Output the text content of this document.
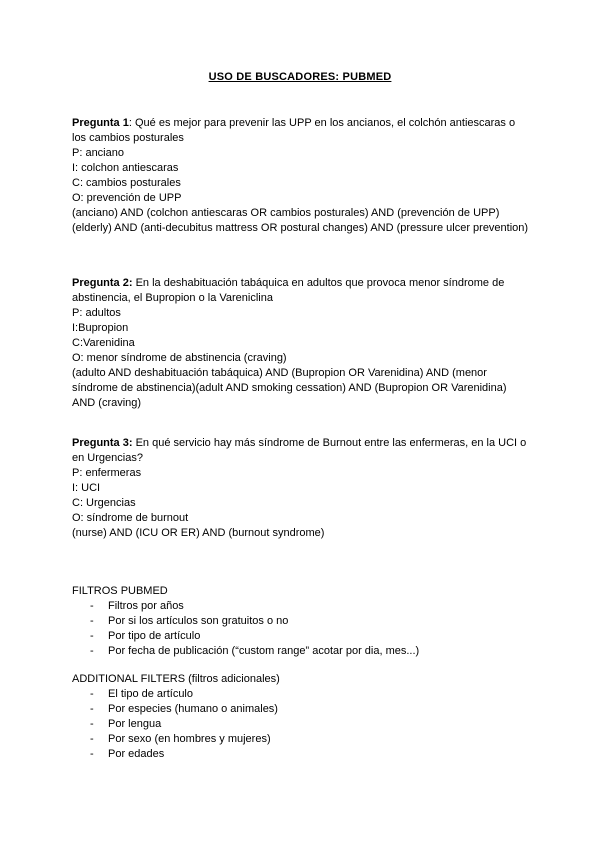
USO DE BUSCADORES: PUBMED
Pregunta 1: Qué es mejor para prevenir las UPP en los ancianos, el colchón antiescaras o los cambios posturales
P: anciano
I: colchon antiescaras
C: cambios posturales
O: prevención de UPP
(anciano) AND (colchon antiescaras OR cambios posturales) AND (prevención de UPP)
(elderly) AND (anti-decubitus mattress OR postural changes) AND (pressure ulcer prevention)
Pregunta 2: En la deshabituación tabáquica en adultos que provoca menor síndrome de abstinencia, el Bupropion o la Vareniclina
P: adultos
I:Bupropion
C:Varenidina
O: menor síndrome de abstinencia (craving)
(adulto AND deshabituación tabáquica) AND (Bupropion OR Varenidina) AND (menor síndrome de abstinencia)(adult AND smoking cessation) AND (Bupropion OR Varenidina) AND (craving)
Pregunta 3: En qué servicio hay más síndrome de Burnout entre las enfermeras, en la UCI o en Urgencias?
P: enfermeras
I: UCI
C: Urgencias
O: síndrome de burnout
(nurse) AND (ICU OR ER) AND (burnout syndrome)
FILTROS PUBMED
- Filtros por años
- Por si los artículos son gratuitos o no
- Por tipo de artículo
- Por fecha de publicación (“custom range” acotar por dia, mes...)
ADDITIONAL FILTERS (filtros adicionales)
- El tipo de artículo
- Por especies (humano o animales)
- Por lengua
- Por sexo (en hombres y mujeres)
- Por edades
